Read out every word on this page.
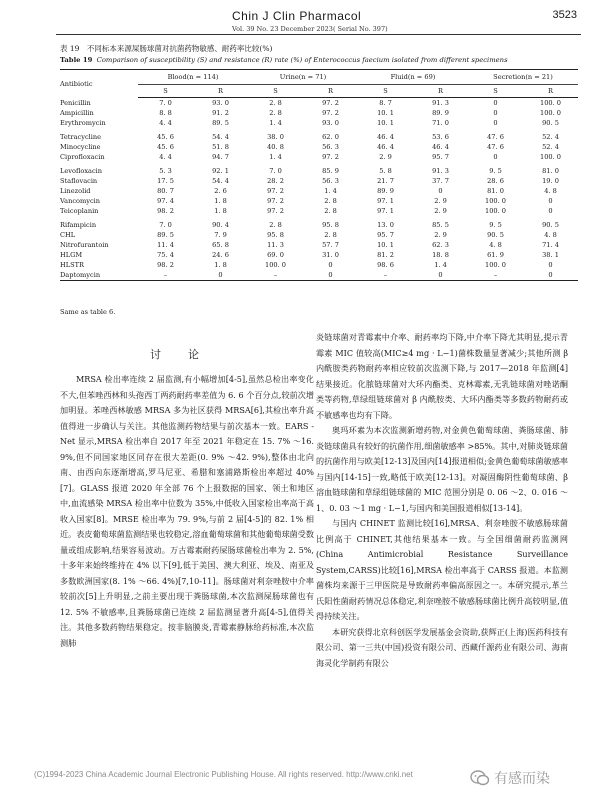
Chin J Clin Pharmacol	3523
Vol. 39 No. 23 December 2023( Serial No. 397)
表 19　不同标本来源屎肠球菌对抗菌药物敏感、耐药率比较(%)
Table 19 Comparison of susceptibility (S) and resistance (R) rate (%) of Enterococcus faecium isolated from different specimens
Antibiotic	Blood(n = 114)		Urine(n = 71)		Fluid(n = 69)		Secretion(n = 21)	
	S	R	S	R	S	R	S	R
Penicillin	7. 0	93. 0	2. 8	97. 2	8. 7	91. 3	0	100. 0
Ampicillin	8. 8	91. 2	2. 8	97. 2	10. 1	89. 9	0	100. 0
Erythromycin	4. 4	89. 5	1. 4	93. 0	10. 1	71. 0	0	90. 5
Tetracycline	45. 6	54. 4	38. 0	62. 0	46. 4	53. 6	47. 6	52. 4
Minocycline	45. 6	51. 8	40. 8	56. 3	46. 4	46. 4	47. 6	52. 4
Ciprofloxacin	4. 4	94. 7	1. 4	97. 2	2. 9	95. 7	0	100. 0
Levofloxacin	5. 3	92. 1	7. 0	85. 9	5. 8	91. 3	9. 5	81. 0
Staflovacin	17. 5	54. 4	28. 2	56. 3	21. 7	37. 7	28. 6	19. 0
Linezolid	80. 7	2. 6	97. 2	1. 4	89. 9	0	81. 0	4. 8
Vancomycin	97. 4	1. 8	97. 2	2. 8	97. 1	2. 9	100. 0	0
Teicoplanin	98. 2	1. 8	97. 2	2. 8	97. 1	2. 9	100. 0	0
Rifampicin	7. 0	90. 4	2. 8	95. 8	13. 0	85. 5	9. 5	90. 5
CHL	89. 5	7. 9	95. 8	2. 8	95. 7	2. 9	90. 5	4. 8
Nitrofurantoin	11. 4	65. 8	11. 3	57. 7	10. 1	62. 3	4. 8	71. 4
HLGM	75. 4	24. 6	69. 0	31. 0	81. 2	18. 8	61. 9	38. 1
HLSTR	98. 2	1. 8	100. 0	0	98. 6	1. 4	100. 0	0
Daptomycin	–	0	–	0	–	0	–	0
Same as table 6.
讨　论

MRSA 检出率连续 2 届监测,有小幅增加[4-5],虽然总检出率变化不大,但苯唑西林和头孢西丁两药耐药率差值为 6. 6 个百分点,较前次增加明显。苯唑西林敏感 MRSA 多为社区获得 MRSA[6],其检出率升高值得进一步确认与关注。其他监测药物结果与前次基本一致。EARS - Net 显示,MRSA 检出率自 2017 年至 2021 年稳定在 15. 7% ～16. 9%,但不同国家地区同存在很大差距(0. 9% ～42. 9%),整体由北向南、由西向东逐渐增高,罗马尼亚、希腊和塞浦路斯检出率超过 40%[7]。GLASS 报道 2020 年全部 76 个上报数据的国家、领土和地区中,血流感染 MRSA 检出率中位数为 35%,中低收入国家检出率高于高收入国家[8]。MRSE 检出率为 79. 9%,与前 2 届[4-5]的 82. 1% 相近。表皮葡萄球菌监测结果也较稳定,溶血葡萄球菌和其他葡萄球菌受数量或组成影响,结果容易波动。万古霉素耐药屎肠球菌检出率为 2. 5%,十多年来始终维持在 4% 以下[9],低于美国、澳大利亚、埃及、南亚及多数欧洲国家(8. 1% ～66. 4%)[7,10-11]。肠球菌对利奈唑胺中介率较前次[5]上升明显,之前主要出现于粪肠球菌,本次监测屎肠球菌也有 12. 5% 不敏感率,且粪肠球菌已连续 2 届监测显著升高[4-5],值得关注。其他多数药物结果稳定。按非脑膜炎,青霉素静脉给药标准,本次监测肺

炎链球菌对青霉素中介率、耐药率均下降,中介率下降尤其明显,提示青霉素 MIC 值较高(MIC≥4 mg · L−1)菌株数量显著减少;其他所测 β 内酰胺类药物耐药率相应较前次监测下降,与 2017—2018 年监测[4]结果接近。化脓链球菌对大环内酯类、克林霉素,无乳链球菌对唑诺酮类等药物,草绿组链球菌对 β 内酰胺类、大环内酯类等多数药物耐药或不敏感率也均有下降。

奥玛环素为本次监测新增药物,对金黄色葡萄球菌、粪肠球菌、肺炎链球菌具有较好的抗菌作用,细菌敏感率 >85%。其中,对肺炎链球菌的抗菌作用与欧美[12-13]及国内[14]报道相似;金黄色葡萄球菌敏感率与国内[14-15]一致,略低于欧美[12-13]。对凝固酶阴性葡萄球菌、β 溶血链球菌和草绿组链球菌的 MIC 范围分别是 0. 06 ～2、0. 016 ～1、0. 03 ～1 mg · L−1,与国内和美国报道相似[13-14]。

与国内 CHINET 监测比较[16],MRSA、利奈唑胺不敏感肠球菌比例高于 CHINET,其他结果基本一致。与全国细菌耐药监测网(China Antimicrobial Resistance Surveillance System,CARSS)比较[16],MRSA 检出率高于 CARSS 报道。本监测菌株均来源于三甲医院是导致耐药率偏高原因之一。本研究提示,革兰氏阳性菌耐药情况总体稳定,利奈唑胺不敏感肠球菌比例升高较明显,值得持续关注。

本研究获得北京科创医学发展基金会资助,获辉正(上海)医药科技有限公司、第一三共(中国)投资有限公司、西藏仟源药业有限公司、海南海灵化学制药有限公

(C)1994-2023 China Academic Journal Electronic Publishing House. All rights reserved. http://www.cnki.net	有感而染
